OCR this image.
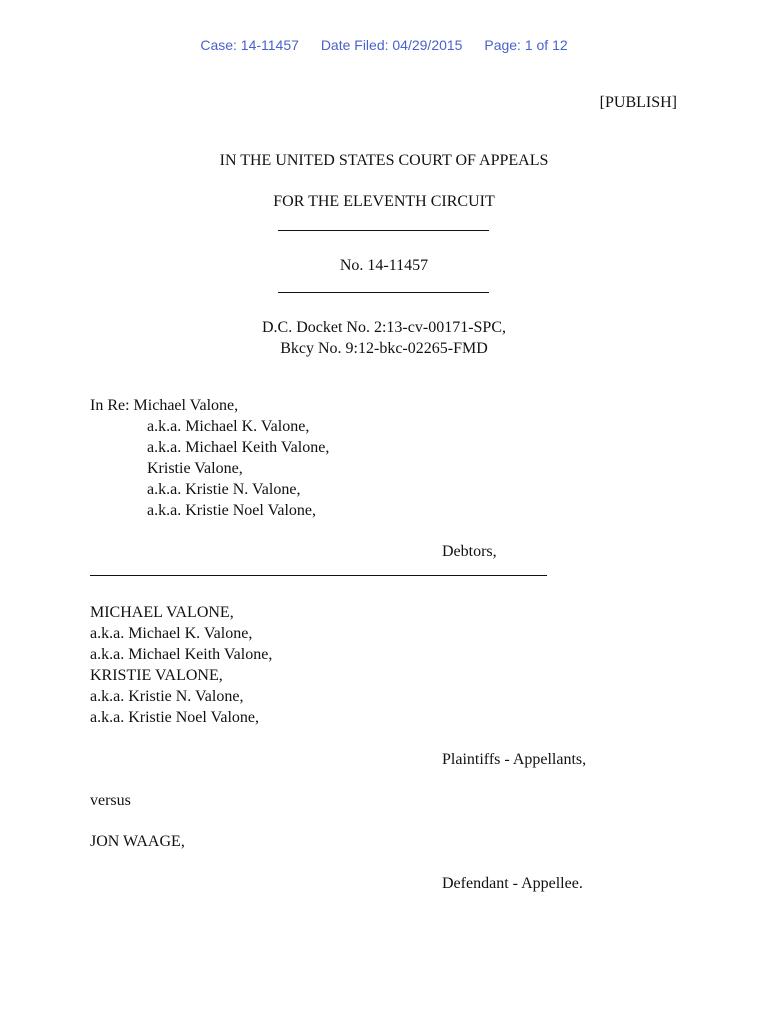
Case: 14-11457 Date Filed: 04/29/2015 Page: 1 of 12
[PUBLISH]
IN THE UNITED STATES COURT OF APPEALS
FOR THE ELEVENTH CIRCUIT
No. 14-11457
D.C. Docket No. 2:13-cv-00171-SPC,
Bkcy No. 9:12-bkc-02265-FMD
In Re: Michael Valone,
a.k.a. Michael K. Valone,
a.k.a. Michael Keith Valone,
Kristie Valone,
a.k.a. Kristie N. Valone,
a.k.a. Kristie Noel Valone,
Debtors,
MICHAEL VALONE,
a.k.a. Michael K. Valone,
a.k.a. Michael Keith Valone,
KRISTIE VALONE,
a.k.a. Kristie N. Valone,
a.k.a. Kristie Noel Valone,
Plaintiffs - Appellants,
versus
JON WAAGE,
Defendant - Appellee.
